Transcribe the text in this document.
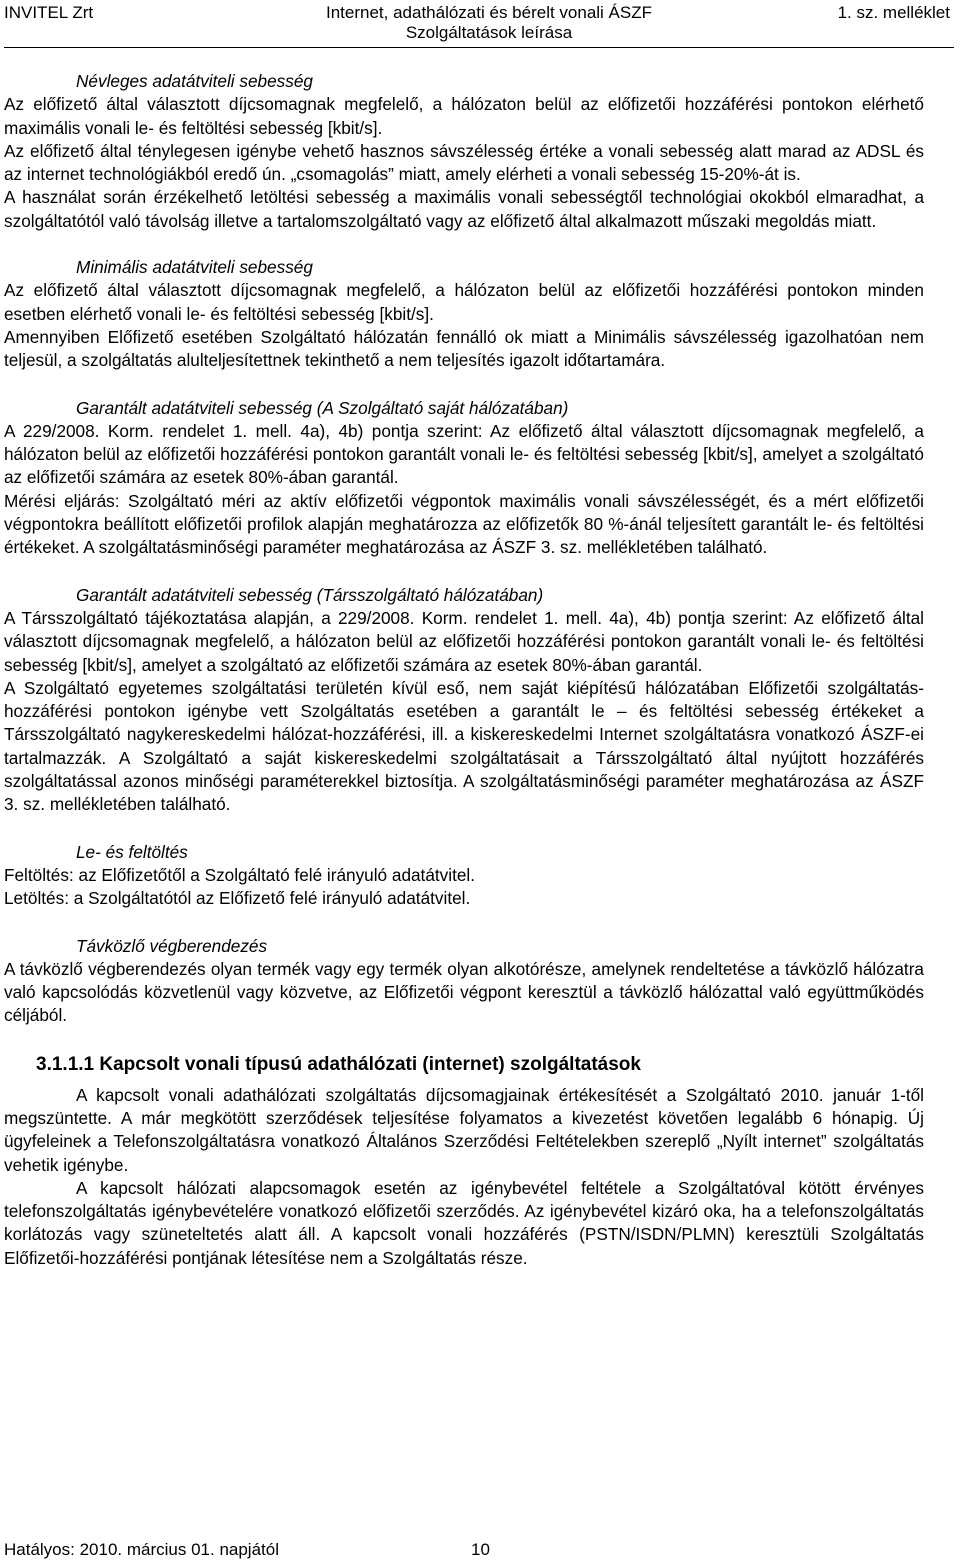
INVITEL Zrt	Internet, adathálózati és bérelt vonali ÁSZF
Szolgáltatások leírása
1. sz. melléklet

Névleges adatátviteli sebesség

Az előfizető által választott díjcsomagnak megfelelő, a hálózaton belül az előfizetői hozzáférési pontokon elérhető maximális vonali le- és feltöltési sebesség [kbit/s].

Az előfizető által ténylegesen igénybe vehető hasznos sávszélesség értéke a vonali sebesség alatt marad az ADSL és az internet technológiákból eredő ún. „csomagolás” miatt, amely elérheti a vonali sebesség 15-20%-át is.

A használat során érzékelhető letöltési sebesség a maximális vonali sebességtől technológiai okokból elmaradhat, a szolgáltatótól való távolság illetve a tartalomszolgáltató vagy az előfizető által alkalmazott műszaki megoldás miatt.

Minimális adatátviteli sebesség

Az előfizető által választott díjcsomagnak megfelelő, a hálózaton belül az előfizetői hozzáférési pontokon minden esetben elérhető vonali le- és feltöltési sebesség [kbit/s].

Amennyiben Előfizető esetében Szolgáltató hálózatán fennálló ok miatt a Minimális sávszélesség igazolhatóan nem teljesül, a szolgáltatás alulteljesítettnek tekinthető a nem teljesítés igazolt időtartamára.

Garantált adatátviteli sebesség (A Szolgáltató saját hálózatában)

A 229/2008. Korm. rendelet 1. mell. 4a), 4b) pontja szerint: Az előfizető által választott díjcsomagnak megfelelő, a hálózaton belül az előfizetői hozzáférési pontokon garantált vonali le- és feltöltési sebesség [kbit/s], amelyet a szolgáltató az előfizetői számára az esetek 80%-ában garantál.

Mérési eljárás: Szolgáltató méri az aktív előfizetői végpontok maximális vonali sávszélességét, és a mért előfizetői végpontokra beállított előfizetői profilok alapján meghatározza az előfizetők 80 %-ánál teljesített garantált le- és feltöltési értékeket. A szolgáltatásminőségi paraméter meghatározása az ÁSZF 3. sz. mellékletében található.

Garantált adatátviteli sebesség (Társszolgáltató hálózatában)

A Társszolgáltató tájékoztatása alapján, a 229/2008. Korm. rendelet 1. mell. 4a), 4b) pontja szerint: Az előfizető által választott díjcsomagnak megfelelő, a hálózaton belül az előfizetői hozzáférési pontokon garantált vonali le- és feltöltési sebesség [kbit/s], amelyet a szolgáltató az előfizetői számára az esetek 80%-ában garantál.

A Szolgáltató egyetemes szolgáltatási területén kívül eső, nem saját kiépítésű hálózatában Előfizetői szolgáltatás-hozzáférési pontokon igénybe vett Szolgáltatás esetében a garantált le – és feltöltési sebesség értékeket a Társszolgáltató nagykereskedelmi hálózat-hozzáférési, ill. a kiskereskedelmi Internet szolgáltatásra vonatkozó ÁSZF-ei tartalmazzák. A Szolgáltató a saját kiskereskedelmi szolgáltatásait a Társszolgáltató által nyújtott hozzáférés szolgáltatással azonos minőségi paraméterekkel biztosítja. A szolgáltatásminőségi paraméter meghatározása az ÁSZF 3. sz. mellékletében található.

Le- és feltöltés

Feltöltés: az Előfizetőtől a Szolgáltató felé irányuló adatátvitel.

Letöltés: a Szolgáltatótól az Előfizető felé irányuló adatátvitel.

Távközlő végberendezés

A távközlő végberendezés olyan termék vagy egy termék olyan alkotórésze, amelynek rendeltetése a távközlő hálózatra való kapcsolódás közvetlenül vagy közvetve, az Előfizetői végpont keresztül a távközlő hálózattal való együttműködés céljából.

3.1.1.1 Kapcsolt vonali típusú adathálózati (internet) szolgáltatások

A kapcsolt vonali adathálózati szolgáltatás díjcsomagjainak értékesítését a Szolgáltató 2010. január 1-től megszüntette. A már megkötött szerződések teljesítése folyamatos a kivezetést követően legalább 6 hónapig. Új ügyfeleinek a Telefonszolgáltatásra vonatkozó Általános Szerződési Feltételekben szereplő „Nyílt internet” szolgáltatás vehetik igénybe.

A kapcsolt hálózati alapcsomagok esetén az igénybevétel feltétele a Szolgáltatóval kötött érvényes telefonszolgáltatás igénybevételére vonatkozó előfizetői szerződés. Az igénybevétel kizáró oka, ha a telefonszolgáltatás korlátozás vagy szüneteltetés alatt áll. A kapcsolt vonali hozzáférés (PSTN/ISDN/PLMN) keresztüli Szolgáltatás Előfizetői-hozzáférési pontjának létesítése nem a Szolgáltatás része.

Hatályos: 2010. március 01. napjától	10
